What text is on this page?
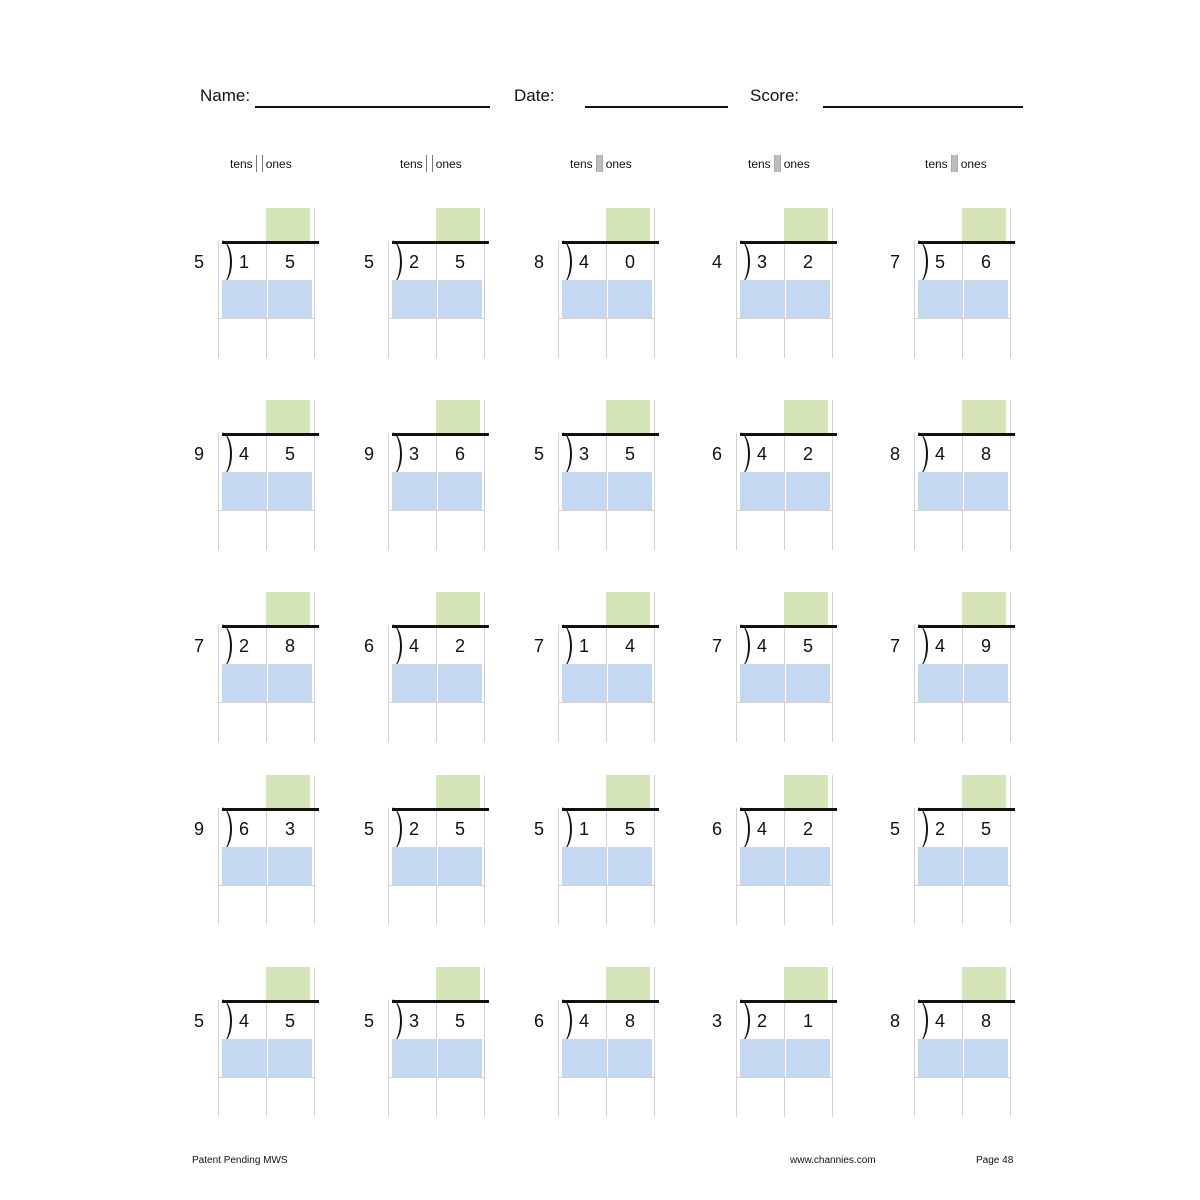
Name:	Date:	Score:
tens ones	tens ones	tens ones	tens ones	tens ones
5	1	5	5	2	5	8	4	0	4	3	2	7	5	6
9	4	5	9	3	6	5	3	5	6	4	2	8	4	8
7	2	8	6	4	2	7	1	4	7	4	5	7	4	9
9	6	3	5	2	5	5	1	5	6	4	2	5	2	5
5	4	5	5	3	5	6	4	8	3	2	1	8	4	8
Patent Pending MWS	www.channies.com	Page 48
